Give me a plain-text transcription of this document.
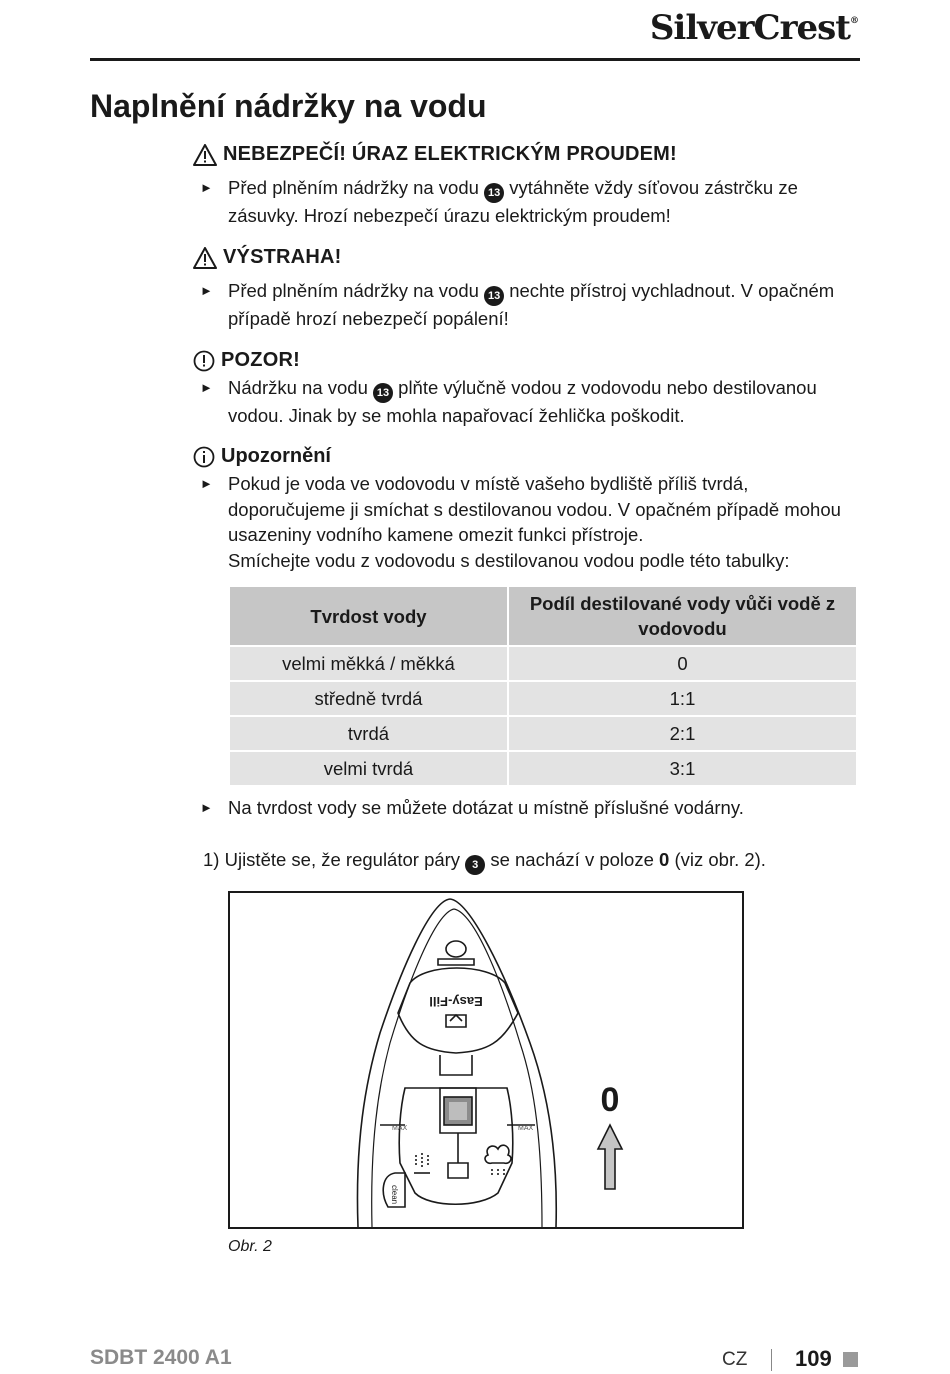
SilverCrest®
Naplnění nádržky na vodu
NEBEZPEČÍ! ÚRAZ ELEKTRICKÝM PROUDEM!
► Před plněním nádržky na vodu 13 vytáhněte vždy síťovou zástrčku ze zásuvky. Hrozí nebezpečí úrazu elektrickým proudem!
VÝSTRAHA!
► Před plněním nádržky na vodu 13 nechte přístroj vychladnout. V opačném případě hrozí nebezpečí popálení!
POZOR!
► Nádržku na vodu 13 plňte výlučně vodou z vodovodu nebo destilovanou vodou. Jinak by se mohla napařovací žehlička poškodit.
Upozornění
► Pokud je voda ve vodovodu v místě vašeho bydliště příliš tvrdá, doporučujeme ji smíchat s destilovanou vodou. V opačném případě mohou usazeniny vodního kamene omezit funkci přístroje.
Smíchejte vodu z vodovodu s destilovanou vodou podle této tabulky:
Tvrdost vody	Podíl destilované vody vůči vodě z vodovodu
velmi měkká / měkká	0
středně tvrdá	1:1
tvrdá	2:1
velmi tvrdá	3:1
► Na tvrdost vody se můžete dotázat u místně příslušné vodárny.
1) Ujistěte se, že regulátor páry 3 se nachází v poloze 0 (viz obr. 2).
Easy-Fill
MAX	MAX
clean
0
Obr. 2
SDBT 2400 A1	CZ 109
